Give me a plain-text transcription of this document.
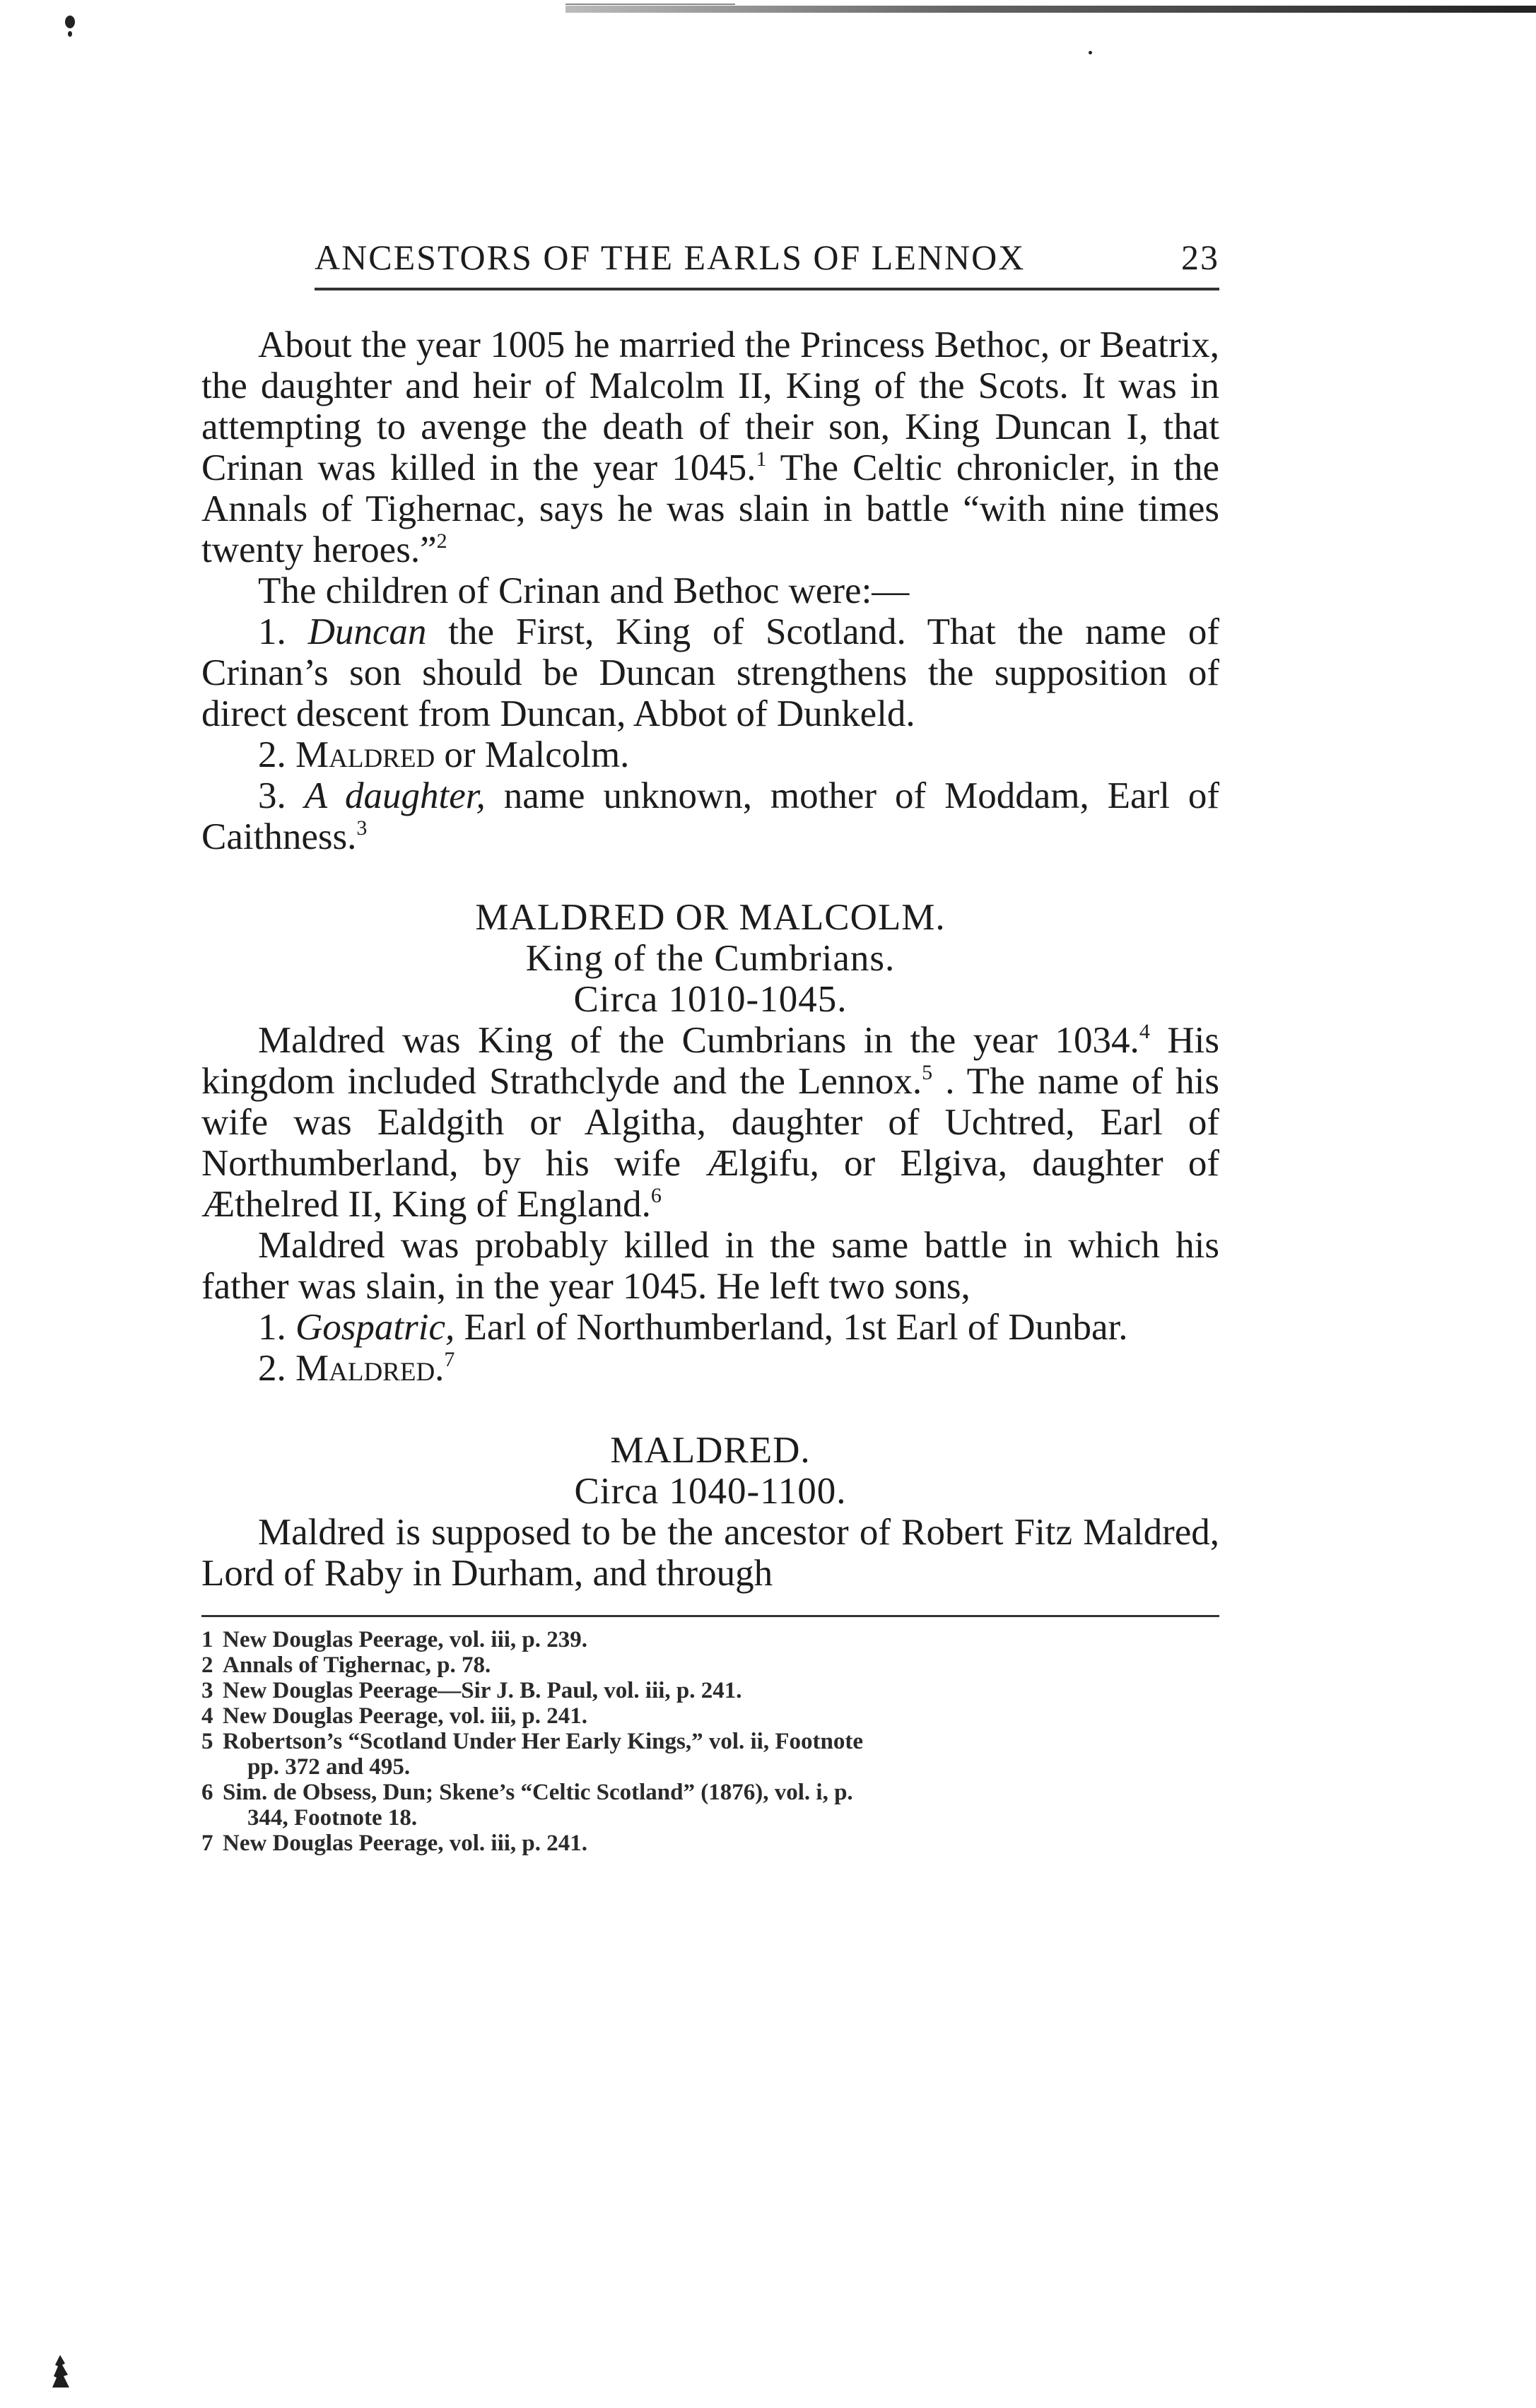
ANCESTORS OF THE EARLS OF LENNOX	23

About the year 1005 he married the Princess Bethoc, or Beatrix, the daughter and heir of Malcolm II, King of the Scots. It was in attempting to avenge the death of their son, King Duncan I, that Crinan was killed in the year 1045.$^1$ The Celtic chronicler, in the Annals of Tighernac, says he was slain in battle “with nine times twenty heroes.”$^2$

The children of Crinan and Bethoc were:—

1. Duncan the First, King of Scotland. That the name of Crinan’s son should be Duncan strengthens the supposition of direct descent from Duncan, Abbot of Dunkeld.

2. Maldred or Malcolm.

3. A daughter, name unknown, mother of Moddam, Earl of Caithness.$^3$

MALDRED OR MALCOLM.
King of the Cumbrians.
Circa 1010-1045.

Maldred was King of the Cumbrians in the year 1034.$^4$ His kingdom included Strathclyde and the Lennox.$^5$ . The name of his wife was Ealdgith or Algitha, daughter of Uchtred, Earl of Northumberland, by his wife Ælgifu, or Elgiva, daughter of Æthelred II, King of England.$^6$

Maldred was probably killed in the same battle in which his father was slain, in the year 1045. He left two sons,

1. Gospatric, Earl of Northumberland, 1st Earl of Dunbar.

2. Maldred.$^7$

MALDRED.
Circa 1040-1100.

Maldred is supposed to be the ancestor of Robert Fitz Maldred, Lord of Raby in Durham, and through

1 New Douglas Peerage, vol. iii, p. 239.
2 Annals of Tighernac, p. 78.
3 New Douglas Peerage—Sir J. B. Paul, vol. iii, p. 241.
4 New Douglas Peerage, vol. iii, p. 241.
5 Robertson’s “Scotland Under Her Early Kings,” vol. ii, Footnote
pp. 372 and 495.
6 Sim. de Obsess, Dun; Skene’s “Celtic Scotland” (1876), vol. i, p.
344, Footnote 18.
7 New Douglas Peerage, vol. iii, p. 241.
